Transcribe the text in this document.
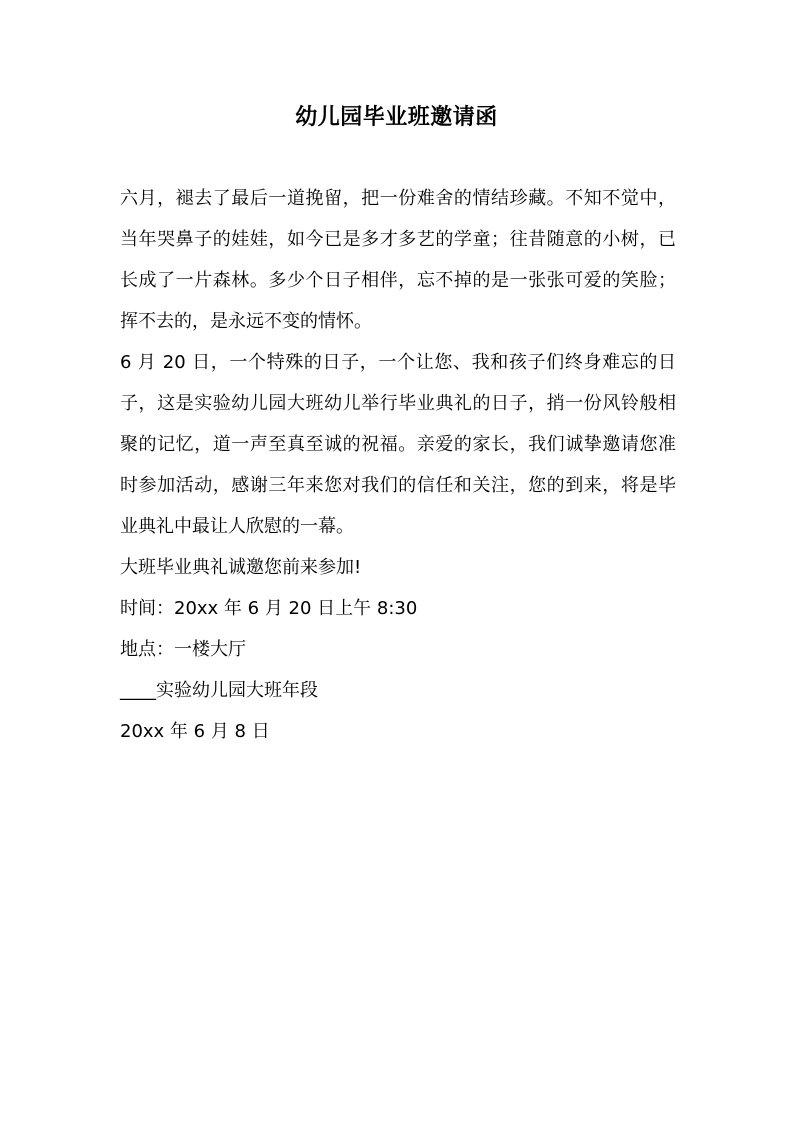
幼儿园毕业班邀请函

六月，褪去了最后一道挽留，把一份难舍的情结珍藏。不知不觉中，当年哭鼻子的娃娃，如今已是多才多艺的学童；往昔随意的小树，已长成了一片森林。多少个日子相伴，忘不掉的是一张张可爱的笑脸；挥不去的，是永远不变的情怀。

6 月 20 日，一个特殊的日子，一个让您、我和孩子们终身难忘的日子，这是实验幼儿园大班幼儿举行毕业典礼的日子，捎一份风铃般相聚的记忆，道一声至真至诚的祝福。亲爱的家长，我们诚挚邀请您准时参加活动，感谢三年来您对我们的信任和关注，您的到来，将是毕业典礼中最让人欣慰的一幕。

大班毕业典礼诚邀您前来参加!

时间：20xx 年 6 月 20 日上午 8:30

地点：一楼大厅

____实验幼儿园大班年段

20xx 年 6 月 8 日
